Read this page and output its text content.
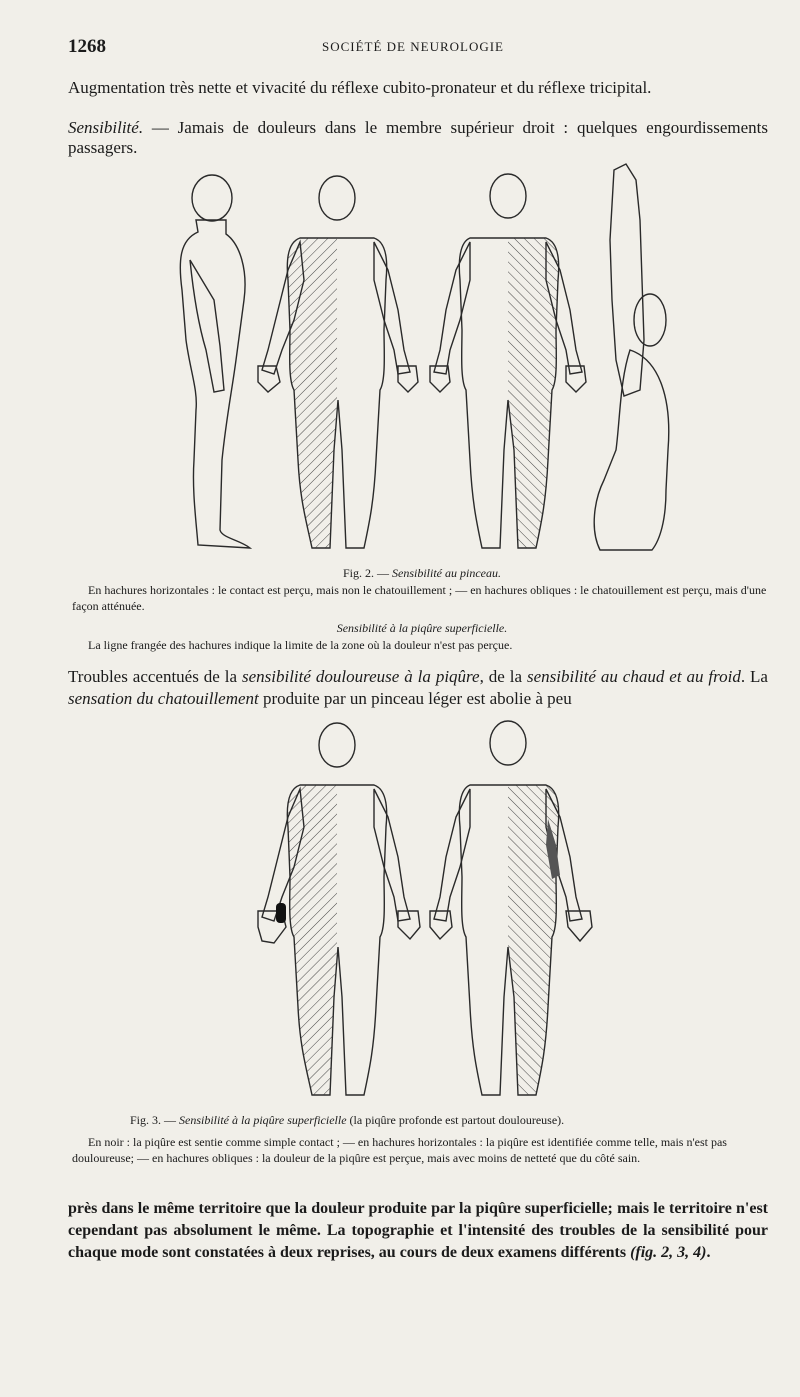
1268	SOCIÉTÉ DE NEUROLOGIE

Augmentation très nette et vivacité du réflexe cubito-pronateur et du réflexe tricipital.

Sensibilité. — Jamais de douleurs dans le membre supérieur droit : quelques engourdissements passagers.

Fig. 2. — Sensibilité au pinceau.

En hachures horizontales : le contact est perçu, mais non le chatouillement ; — en hachures obliques : le chatouillement est perçu, mais d'une façon atténuée.

Sensibilité à la piqûre superficielle.

La ligne frangée des hachures indique la limite de la zone où la douleur n'est pas perçue.

Troubles accentués de la sensibilité douloureuse à la piqûre, de la sensibilité au chaud et au froid. La sensation du chatouillement produite par un pinceau léger est abolie à peu

Fig. 3. — Sensibilité à la piqûre superficielle (la piqûre profonde est partout douloureuse).

En noir : la piqûre est sentie comme simple contact ; — en hachures horizontales : la piqûre est identifiée comme telle, mais n'est pas douloureuse; — en hachures obliques : la douleur de la piqûre est perçue, mais avec moins de netteté que du côté sain.

près dans le même territoire que la douleur produite par la piqûre superficielle; mais le territoire n'est cependant pas absolument le même. La topographie et l'intensité des troubles de la sensibilité pour chaque mode sont constatées à deux reprises, au cours de deux examens différents (fig. 2, 3, 4).
